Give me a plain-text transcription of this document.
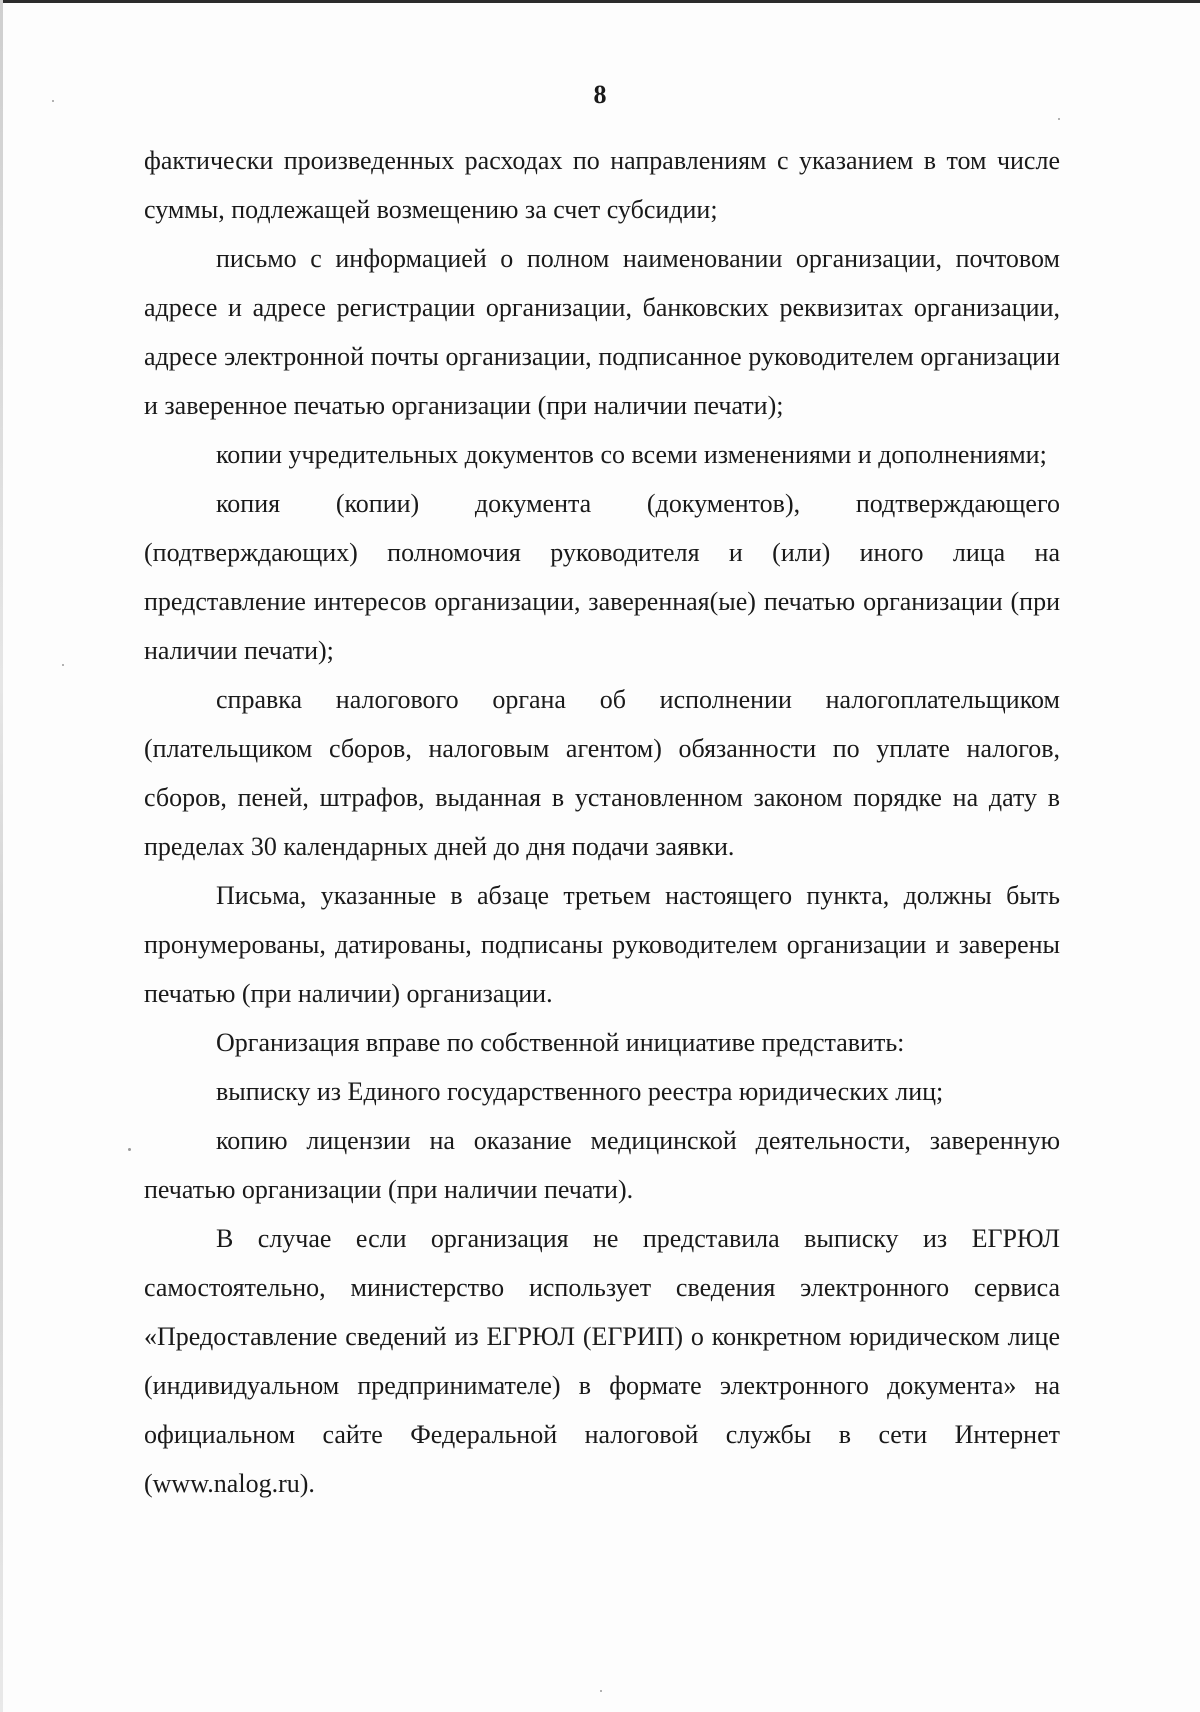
8

фактически произведенных расходах по направлениям с указанием в том числе суммы, подлежащей возмещению за счет субсидии;

письмо с информацией о полном наименовании организации, почтовом адресе и адресе регистрации организации, банковских реквизитах организации, адресе электронной почты организации, подписанное руководителем организации и заверенное печатью организации (при наличии печати);

копии учредительных документов со всеми изменениями и дополнениями;

копия (копии) документа (документов), подтверждающего (подтверждающих) полномочия руководителя и (или) иного лица на представление интересов организации, заверенная(ые) печатью организации (при наличии печати);

справка налогового органа об исполнении налогоплательщиком (плательщиком сборов, налоговым агентом) обязанности по уплате налогов, сборов, пеней, штрафов, выданная в установленном законом порядке на дату в пределах 30 календарных дней до дня подачи заявки.

Письма, указанные в абзаце третьем настоящего пункта, должны быть пронумерованы, датированы, подписаны руководителем организации и заверены печатью (при наличии) организации.

Организация вправе по собственной инициативе представить:

выписку из Единого государственного реестра юридических лиц;

копию лицензии на оказание медицинской деятельности, заверенную печатью организации (при наличии печати).

В случае если организация не представила выписку из ЕГРЮЛ самостоятельно, министерство использует сведения электронного сервиса «Предоставление сведений из ЕГРЮЛ (ЕГРИП) о конкретном юридическом лице (индивидуальном предпринимателе) в формате электронного документа» на официальном сайте Федеральной налоговой службы в сети Интернет (www.nalog.ru).
